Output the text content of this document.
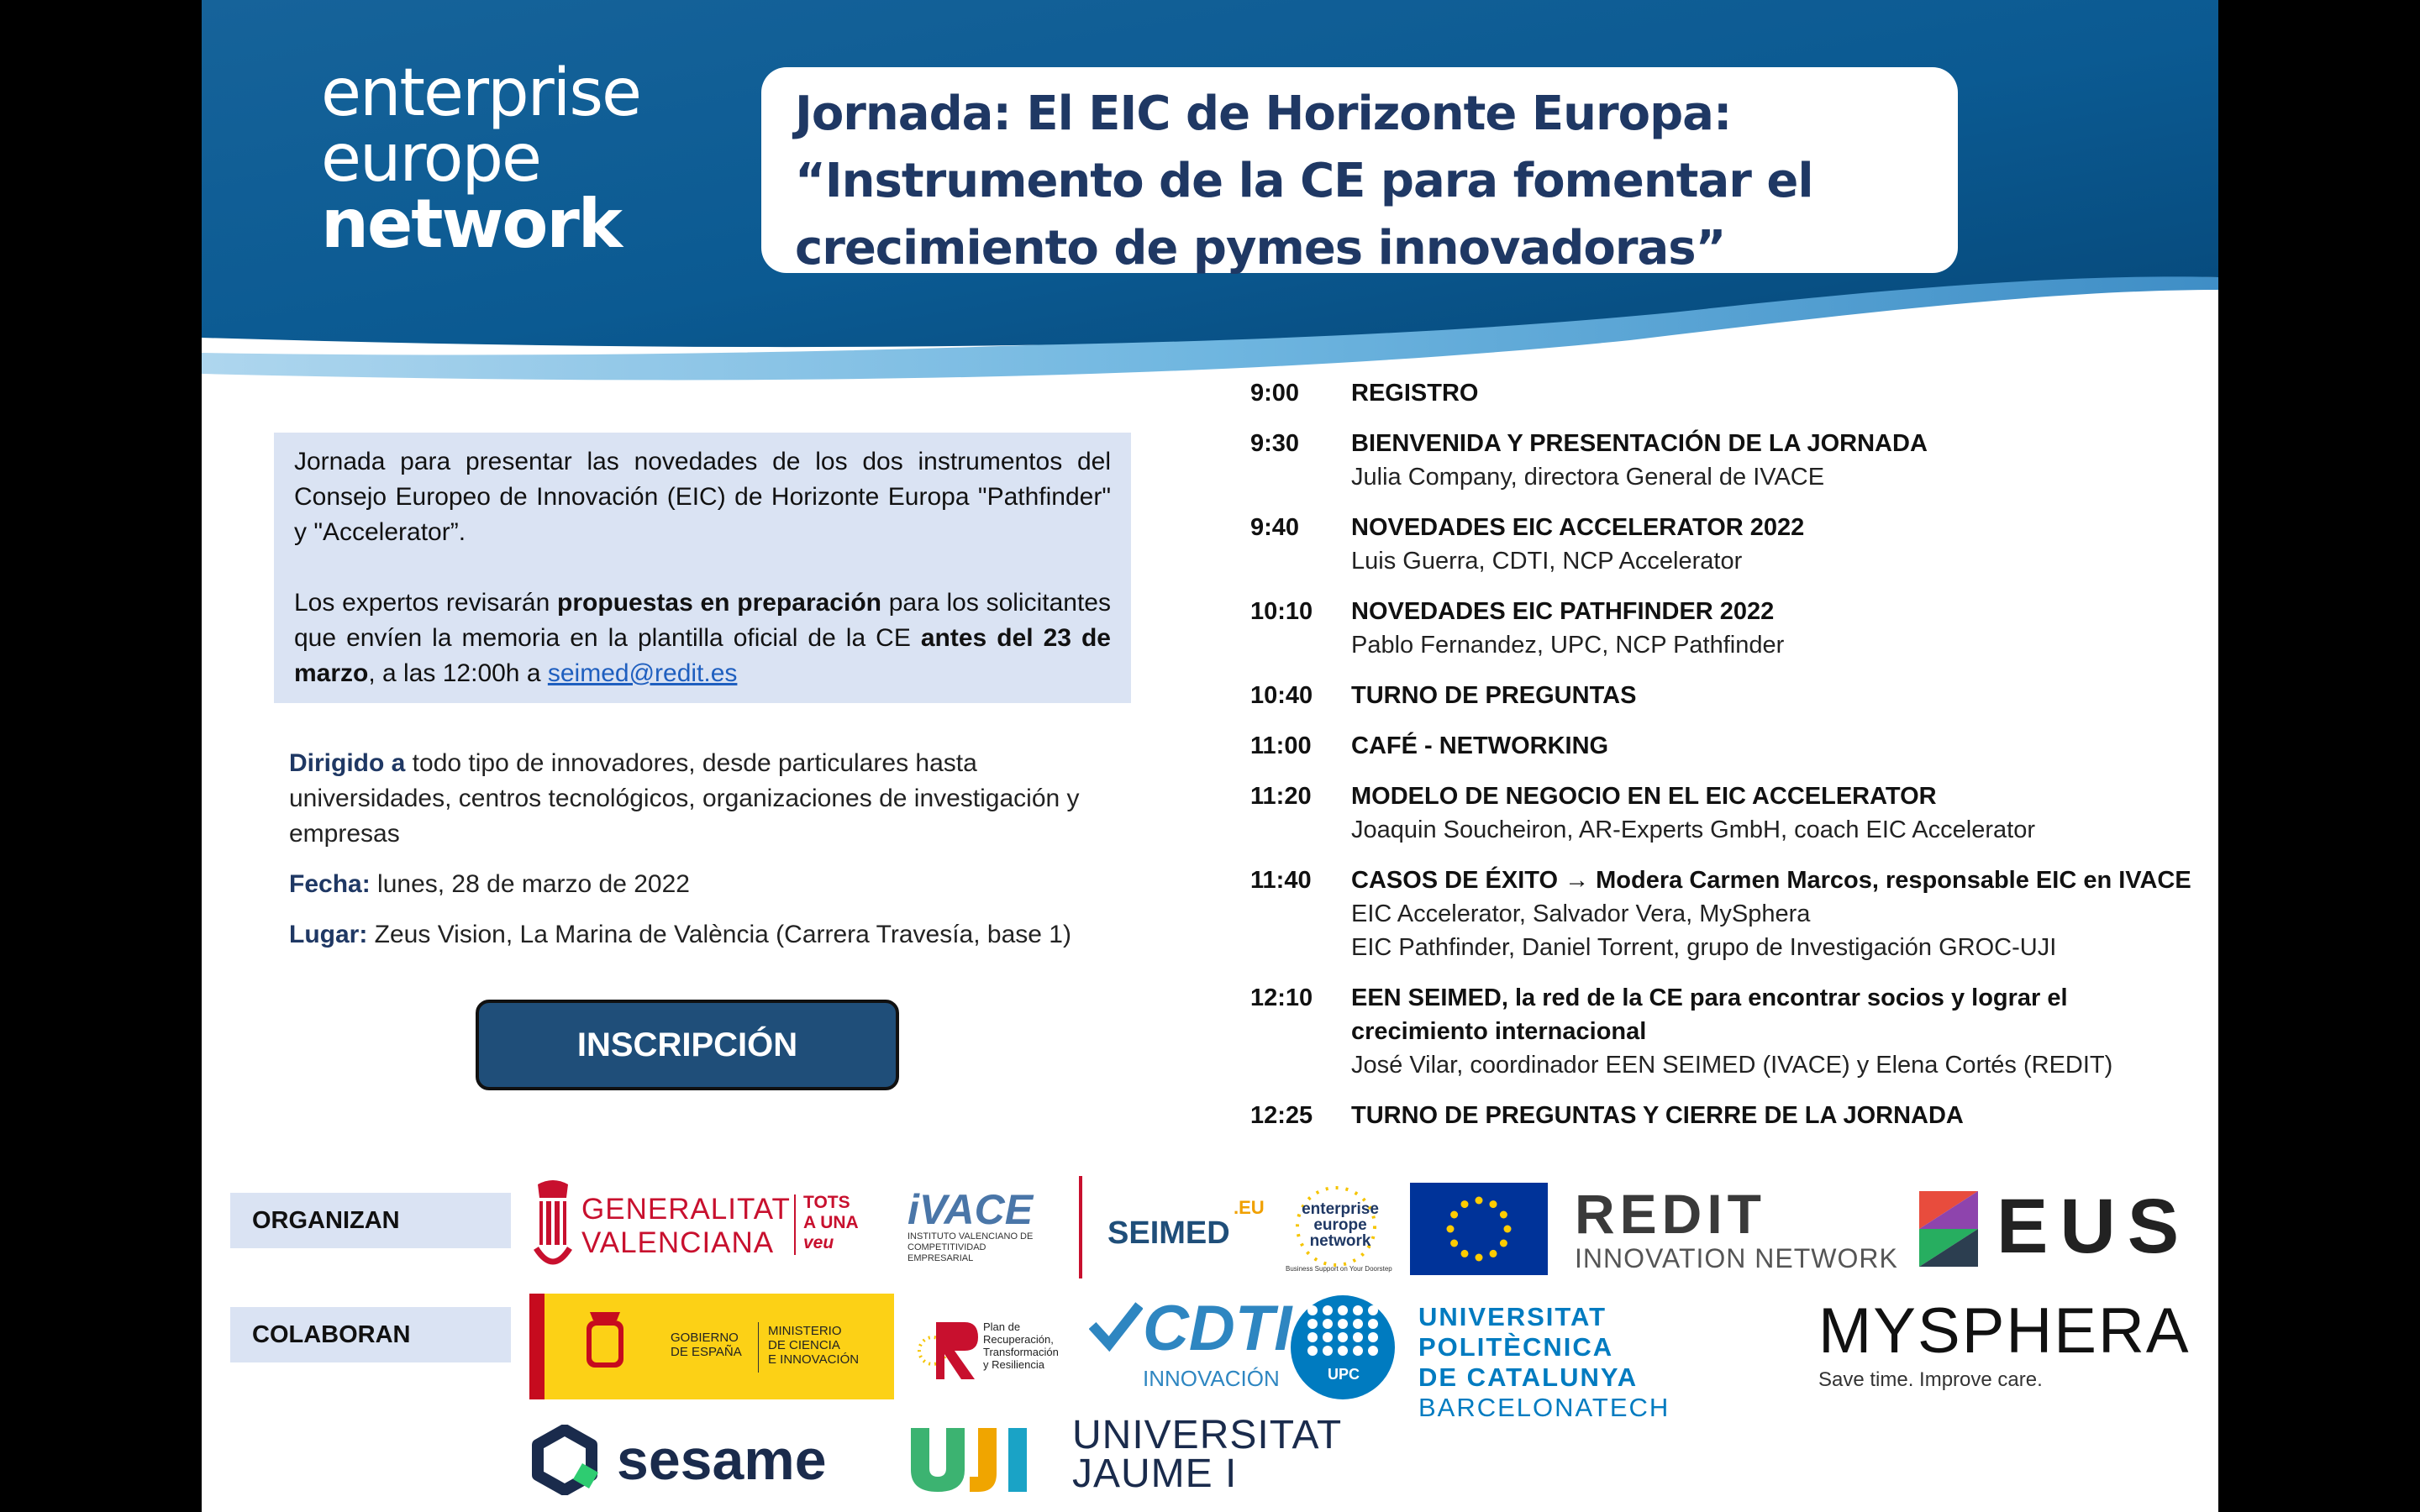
enterprise
europe
network
Jornada: El EIC de Horizonte Europa:
“Instrumento de la CE para fomentar el
crecimiento de pymes innovadoras”

Jornada para presentar las novedades de los dos instrumentos del Consejo Europeo de Innovación (EIC) de Horizonte Europa "Pathfinder" y "Accelerator”.

Los expertos revisarán propuestas en preparación para los solicitantes que envíen la memoria en la plantilla oficial de la CE antes del 23 de marzo, a las 12:00h a seimed@redit.es

Dirigido a todo tipo de innovadores, desde particulares hasta universidades, centros tecnológicos, organizaciones de investigación y empresas
Fecha: lunes, 28 de marzo de 2022
Lugar: Zeus Vision, La Marina de València (Carrera Travesía, base 1)
INSCRIPCIÓN
9:00	REGISTRO
9:30	BIENVENIDA Y PRESENTACIÓN DE LA JORNADA
Julia Company, directora General de IVACE
9:40	NOVEDADES EIC ACCELERATOR 2022
Luis Guerra, CDTI, NCP Accelerator
10:10	NOVEDADES EIC PATHFINDER 2022
Pablo Fernandez, UPC, NCP Pathfinder
10:40	TURNO DE PREGUNTAS
11:00	CAFÉ - NETWORKING
11:20	MODELO DE NEGOCIO EN EL EIC ACCELERATOR
Joaquin Soucheiron, AR-Experts GmbH, coach EIC Accelerator
11:40	CASOS DE ÉXITO → Modera Carmen Marcos, responsable EIC en IVACE
EIC Accelerator, Salvador Vera, MySphera
EIC Pathfinder, Daniel Torrent, grupo de Investigación GROC-UJI
12:10	EEN SEIMED, la red de la CE para encontrar socios y lograr el crecimiento internacional
José Vilar, coordinador EEN SEIMED (IVACE) y Elena Cortés (REDIT)
12:25	TURNO DE PREGUNTAS Y CIERRE DE LA JORNADA
ORGANIZAN
COLABORAN
GENERALITAT
VALENCIANA
TOTS
A UNA
veu
iVACE
INSTITUTO VALENCIANO DE
COMPETITIVIDAD EMPRESARIAL
SEIMED
.EU	enterprise
europe
network
Business Support on Your Doorstep
REDIT
INNOVATION NETWORK	EUS
GOBIERNO
DE ESPAÑA
MINISTERIO
DE CIENCIA
E INNOVACIÓN
Plan de
Recuperación,
Transformación
y Resiliencia
CDTI
INNOVACIÓN	UPC
UNIVERSITAT POLITÈCNICA
DE CATALUNYA
BARCELONATECH
MYSPHERA
Save time. Improve care.
sesame	UNIVERSITAT
JAUME I
